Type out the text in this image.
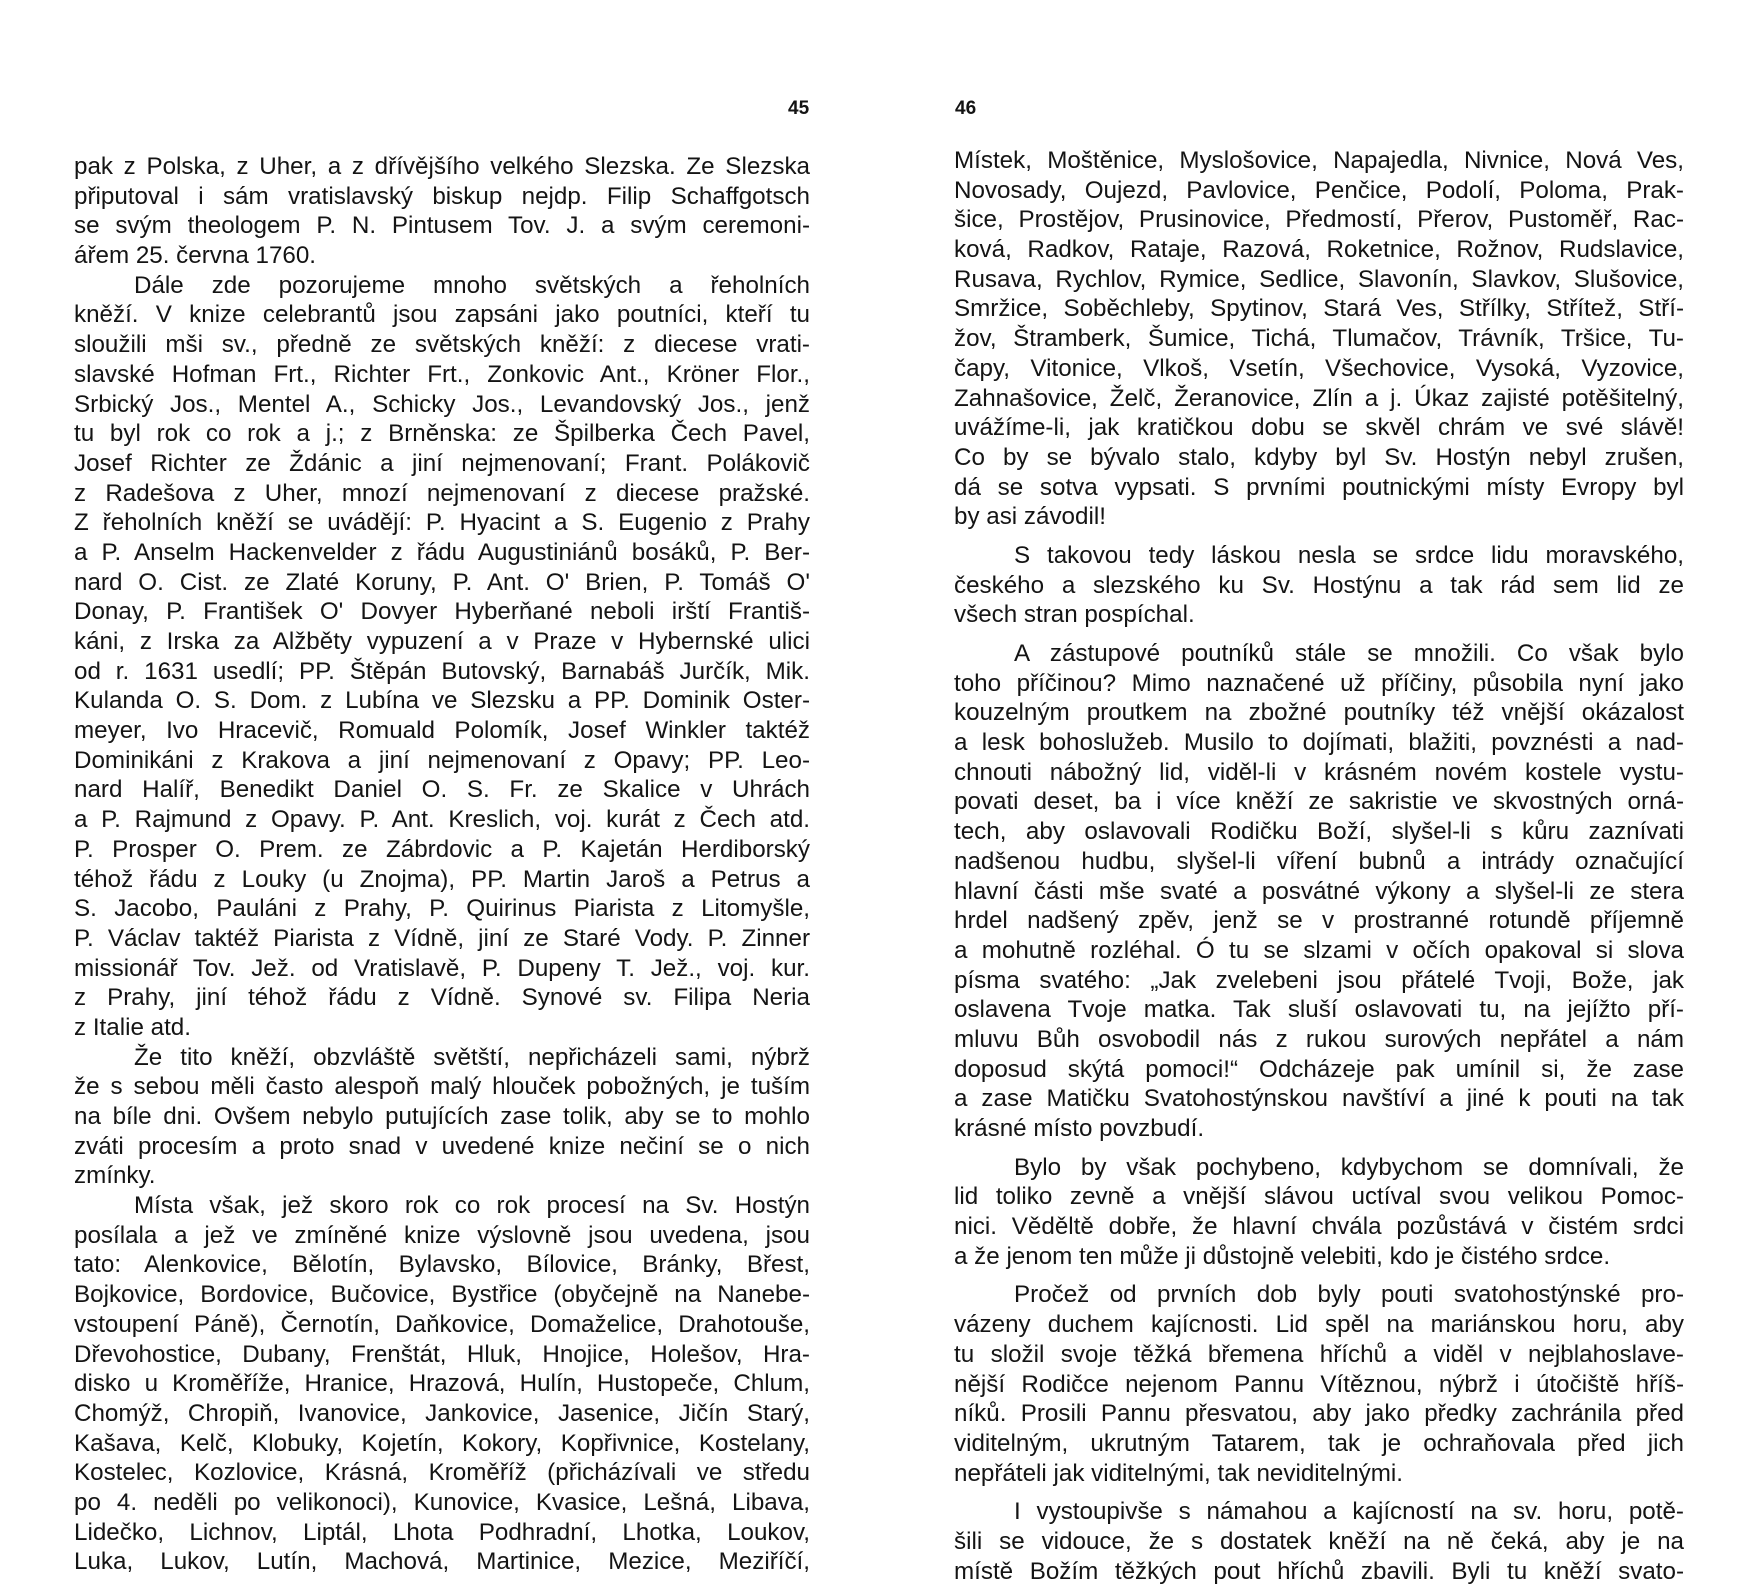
45
pak z Polska, z Uher, a z dřívějšího velkého Slezska. Ze Slezska
připutoval i sám vratislavský biskup nejdp. Filip Schaffgotsch
se svým theologem P. N. Pintusem Tov. J. a svým ceremoni-
ářem 25. června 1760.
Dále zde pozorujeme mnoho světských a řeholních
kněží. V knize celebrantů jsou zapsáni jako poutníci, kteří tu
sloužili mši sv., předně ze světských kněží: z diecese vrati-
slavské Hofman Frt., Richter Frt., Zonkovic Ant., Kröner Flor.,
Srbický Jos., Mentel A., Schicky Jos., Levandovský Jos., jenž
tu byl rok co rok a j.; z Brněnska: ze Špilberka Čech Pavel,
Josef Richter ze Ždánic a jiní nejmenovaní; Frant. Polákovič
z Radešova z Uher, mnozí nejmenovaní z diecese pražské.
Z řeholních kněží se uvádějí: P. Hyacint a S. Eugenio z Prahy
a P. Anselm Hackenvelder z řádu Augustiniánů bosáků, P. Ber-
nard O. Cist. ze Zlaté Koruny, P. Ant. O' Brien, P. Tomáš O'
Donay, P. František O' Dovyer Hyberňané neboli irští Františ-
káni, z Irska za Alžběty vypuzení a v Praze v Hybernské ulici
od r. 1631 usedlí; PP. Štěpán Butovský, Barnabáš Jurčík, Mik.
Kulanda O. S. Dom. z Lubína ve Slezsku a PP. Dominik Oster-
meyer, Ivo Hracevič, Romuald Polomík, Josef Winkler taktéž
Dominikáni z Krakova a jiní nejmenovaní z Opavy; PP. Leo-
nard Halíř, Benedikt Daniel O. S. Fr. ze Skalice v Uhrách
a P. Rajmund z Opavy. P. Ant. Kreslich, voj. kurát z Čech atd.
P. Prosper O. Prem. ze Zábrdovic a P. Kajetán Herdiborský
téhož řádu z Louky (u Znojma), PP. Martin Jaroš a Petrus a
S. Jacobo, Pauláni z Prahy, P. Quirinus Piarista z Litomyšle,
P. Václav taktéž Piarista z Vídně, jiní ze Staré Vody. P. Zinner
missionář Tov. Jež. od Vratislavě, P. Dupeny T. Jež., voj. kur.
z Prahy, jiní téhož řádu z Vídně. Synové sv. Filipa Neria
z Italie atd.
Že tito kněží, obzvláště světští, nepřicházeli sami, nýbrž
že s sebou měli často alespoň malý hlouček pobožných, je tuším
na bíle dni. Ovšem nebylo putujících zase tolik, aby se to mohlo
zváti procesím a proto snad v uvedené knize nečiní se o nich
zmínky.
Místa však, jež skoro rok co rok procesí na Sv. Hostýn
posílala a jež ve zmíněné knize výslovně jsou uvedena, jsou
tato: Alenkovice, Bělotín, Bylavsko, Bílovice, Bránky, Břest,
Bojkovice, Bordovice, Bučovice, Bystřice (obyčejně na Nanebe-
vstoupení Páně), Černotín, Daňkovice, Domaželice, Drahotouše,
Dřevohostice, Dubany, Frenštát, Hluk, Hnojice, Holešov, Hra-
disko u Kroměříže, Hranice, Hrazová, Hulín, Hustopeče, Chlum,
Chomýž, Chropiň, Ivanovice, Jankovice, Jasenice, Jičín Starý,
Kašava, Kelč, Klobuky, Kojetín, Kokory, Kopřivnice, Kostelany,
Kostelec, Kozlovice, Krásná, Kroměříž (přicházívali ve středu
po 4. neděli po velikonoci), Kunovice, Kvasice, Lešná, Libava,
Lidečko, Lichnov, Liptál, Lhota Podhradní, Lhotka, Loukov,
Luka, Lukov, Lutín, Machová, Martinice, Mezice, Meziříčí,
46
Místek, Moštěnice, Myslošovice, Napajedla, Nivnice, Nová Ves,
Novosady, Oujezd, Pavlovice, Penčice, Podolí, Poloma, Prak-
šice, Prostějov, Prusinovice, Předmostí, Přerov, Pustoměř, Rac-
ková, Radkov, Rataje, Razová, Roketnice, Rožnov, Rudslavice,
Rusava, Rychlov, Rymice, Sedlice, Slavonín, Slavkov, Slušovice,
Smržice, Soběchleby, Spytinov, Stará Ves, Střílky, Střítež, Stří-
žov, Štramberk, Šumice, Tichá, Tlumačov, Trávník, Tršice, Tu-
čapy, Vitonice, Vlkoš, Vsetín, Všechovice, Vysoká, Vyzovice,
Zahnašovice, Želč, Žeranovice, Zlín a j. Úkaz zajisté potěšitelný,
uvážíme-li, jak kratičkou dobu se skvěl chrám ve své slávě!
Co by se bývalo stalo, kdyby byl Sv. Hostýn nebyl zrušen,
dá se sotva vypsati. S prvními poutnickými místy Evropy byl
by asi závodil!
S takovou tedy láskou nesla se srdce lidu moravského,
českého a slezského ku Sv. Hostýnu a tak rád sem lid ze
všech stran pospíchal.
A zástupové poutníků stále se množili. Co však bylo
toho příčinou? Mimo naznačené už příčiny, působila nyní jako
kouzelným proutkem na zbožné poutníky též vnější okázalost
a lesk bohoslužeb. Musilo to dojímati, blažiti, povznésti a nad-
chnouti nábožný lid, viděl-li v krásném novém kostele vystu-
povati deset, ba i více kněží ze sakristie ve skvostných orná-
tech, aby oslavovali Rodičku Boží, slyšel-li s kůru zaznívati
nadšenou hudbu, slyšel-li víření bubnů a intrády označující
hlavní části mše svaté a posvátné výkony a slyšel-li ze stera
hrdel nadšený zpěv, jenž se v prostranné rotundě příjemně
a mohutně rozléhal. Ó tu se slzami v očích opakoval si slova
písma svatého: „Jak zvelebeni jsou přátelé Tvoji, Bože, jak
oslavena Tvoje matka. Tak sluší oslavovati tu, na jejížto pří-
mluvu Bůh osvobodil nás z rukou surových nepřátel a nám
doposud skýtá pomoci!“ Odcházeje pak umínil si, že zase
a zase Matičku Svatohostýnskou navštíví a jiné k pouti na tak
krásné místo povzbudí.
Bylo by však pochybeno, kdybychom se domnívali, že
lid toliko zevně a vnější slávou uctíval svou velikou Pomoc-
nici. Věděltě dobře, že hlavní chvála pozůstává v čistém srdci
a že jenom ten může ji důstojně velebiti, kdo je čistého srdce.
Pročež od prvních dob byly pouti svatohostýnské pro-
vázeny duchem kajícnosti. Lid spěl na mariánskou horu, aby
tu složil svoje těžká břemena hříchů a viděl v nejblahoslave-
nější Rodičce nejenom Pannu Vítěznou, nýbrž i útočiště hříš-
níků. Prosili Pannu přesvatou, aby jako předky zachránila před
viditelným, ukrutným Tatarem, tak je ochraňovala před jich
nepřáteli jak viditelnými, tak neviditelnými.
I vystoupivše s námahou a kajícností na sv. horu, potě-
šili se vidouce, že s dostatek kněží na ně čeká, aby je na
místě Božím těžkých pout hříchů zbavili. Byli tu kněží svato-
